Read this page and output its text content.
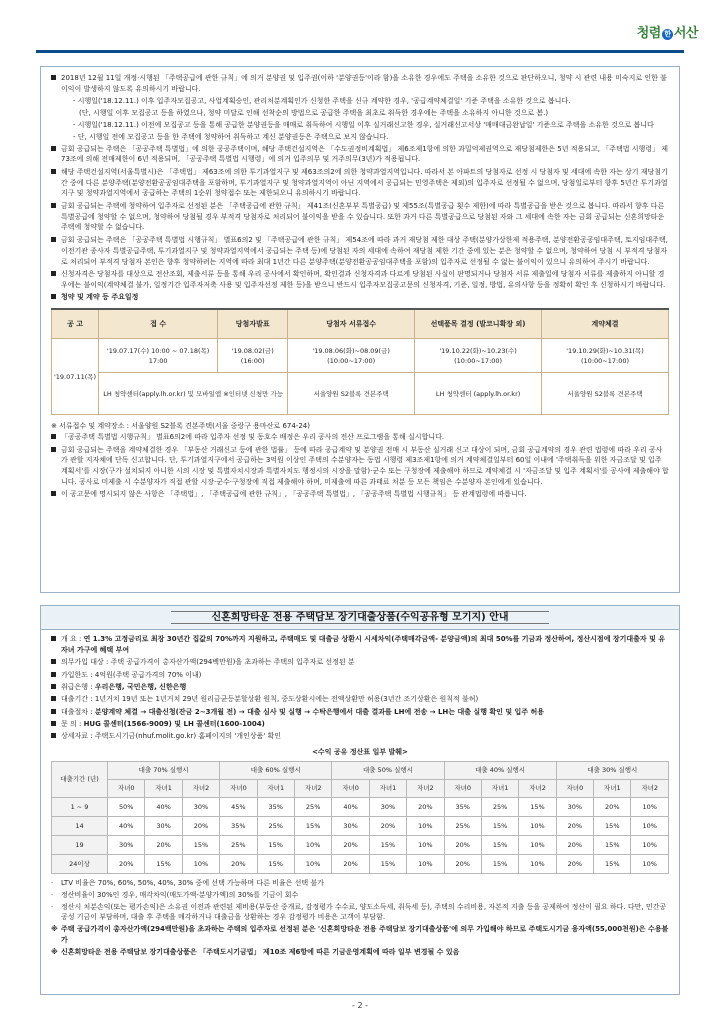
청렴 한 서산
2018년 12월 11일 개정·시행된 「주택공급에 관한 규칙」에 의거 분양권 및 입주권(이하 '분양권등'이라 함)을 소유한 경우에도 주택을 소유한 것으로 판단하오니, 청약 시 관련 내용 미숙지로 인한 불이익이 발생하지 않도록 유의하시기 바랍니다.
- 시행일('18.12.11.) 이후 입주자모집공고, 사업계획승인, 관리처분계획인가 신청한 주택을 신규 계약한 경우, '공급계약체결일' 기준 주택을 소유한 것으로 봅니다.
(단, 시행일 이후 모집공고 등을 하였으나, 청약 미달로 인해 선착순의 방법으로 공급한 주택을 최초로 취득한 경우에는 주택을 소유하지 아니한 것으로 봄.)
- 시행일('18.12.11.) 이전에 모집공고 등을 통해 공급한 분양권등을 매매로 취득하여 시행일 이후 실거래신고한 경우, 실거래신고서상 '매매대금완납일' 기준으로 주택을 소유한 것으로 봅니다
- 단, 시행일 전에 모집공고 등을 한 주택에 청약하여 취득하고 계신 분양권등은 주택으로 보지 않습니다.
금회 공급되는 주택은 「공공주택 특별법」에 의한 공공주택이며, 해당 주택건설지역은 「수도권정비계획법」 제6조제1항에 의한 과밀억제권역으로 재당첨제한은 5년 적용되고, 「주택법 시행령」 제73조에 의해 전매제한이 6년 적용되며, 「공공주택 특별법 시행령」에 의거 입주의무 및 거주의무(3년)가 적용됩니다.
해당 주택건설지역(서울특별시)은 「주택법」 제63조에 의한 투기과열지구 및 제63조의2에 의한 청약과열지역입니다. 따라서 본 아파트의 당첨자로 선정 시 당첨자 및 세대에 속한 자는 상기 재당첨기간 중에 다른 분양주택(분양전환공공임대주택을 포함하며, 투기과열지구 및 청약과열지역이 아닌 지역에서 공급되는 민영주택은 제외)의 입주자로 선정될 수 없으며, 당첨일로부터 향후 5년간 투기과열지구 및 청약과열지역에서 공급하는 주택의 1순위 청약접수 또는 제한되오니 유의하시기 바랍니다.
금회 공급되는 주택에 청약하여 입주자로 선정된 분은 「주택공급에 관한 규칙」 제41조(신혼부부 특별공급) 및 제55조(특별공급 횟수 제한)에 따라 특별공급을 받은 것으로 봅니다. 따라서 향후 다른 특별공급에 청약할 수 없으며, 청약하여 당첨될 경우 부적격 당첨자로 처리되어 불이익을 받을 수 있습니다. 또한 과거 다른 특별공급으로 당첨된 자와 그 세대에 속한 자는 금회 공급되는 신혼희망타운주택에 청약할 수 없습니다.
금회 공급되는 주택은 「공공주택 특별법 시행규칙」 별표6의2 및 「주택공급에 관한 규칙」 제54조에 따라 과거 재당첨 제한 대상 주택(분양가상한제 적용주택, 분양전환공공임대주택, 토지임대주택, 이전기관 종사자 특별공급주택, 투기과열지구 및 청약과열지역에서 공급되는 주택 등)에 당첨된 자의 세대에 속하여 재당첨 제한 기간 중에 있는 분은 청약할 수 없으며, 청약하여 당첨 시 부적격 당첨자로 처리되어 부적격 당첨자 본인은 향후 청약하려는 지역에 따라 최대 1년간 다른 분양주택(분양전환공공임대주택을 포함)의 입주자로 선정될 수 없는 불이익이 있으니 유의하여 주시기 바랍니다.
신청자격은 당첨자를 대상으로 전산조회, 제출서류 등을 통해 우리 공사에서 확인하며, 확인결과 신청자격과 다르게 당첨된 사실이 판명되거나 당첨자 서류 제출일에 당첨자 서류를 제출하지 아니할 경우에는 불이익(계약체결 불가, 일정기간 입주자저축 사용 및 입주자선정 제한 등)을 받으니 반드시 입주자모집공고문의 신청자격, 기준, 일정, 방법, 유의사항 등을 정확히 확인 후 신청하시기 바랍니다.
청약 및 계약 등 주요일정
공 고	접 수	당첨자발표	당첨자 서류접수	선택품목 결정 (발코니확장 외)	계약체결
'19.07.11(목)	'19.07.17(수) 10:00 ~ 07.18(목) 17:00	'19.08.02(금) (16:00)	'19.08.06(화)~08.09(금) (10:00~17:00)	'19.10.22(화)~10.23(수) (10:00~17:00)	'19.10.29(화)~10.31(목) (10:00~17:00)
	LH 청약센터(apply.lh.or.kr) 및 모바일앱 ※인터넷 신청만 가능		서울양원 S2블록 견본주택	LH 청약센터 (apply.lh.or.kr)	서울양원 S2블록 견본주택
※ 서류접수 및 계약장소 : 서울양원 S2블록 견본주택(서울 중랑구 용마산로 674-24)
「공공주택 특별법 시행규칙」 별표6의2에 따라 입주자 선정 및 동호수 배정은 우리 공사의 전산 프로그램을 통해 실시합니다.
금회 공급되는 주택을 계약체결한 경우 「부동산 거래신고 등에 관한 법률」 등에 따라 공급계약 및 분양권 전매 시 부동산 실거래 신고 대상이 되며, 금회 공급계약의 경우 관련 법령에 따라 우리 공사가 관할 지자체에 단독 신고합니다. 단, 투기과열지구에서 공급하는 3억원 이상인 주택의 수분양자는 동법 시행령 제3조제1항에 의거 계약체결일부터 60일 이내에 '주택취득을 위한 자금조달 및 입주 계획서'를 시장(구가 설치되지 아니한 시의 시장 및 특별자치시장과 특별자치도 행정시의 시장을 말함)·군수 또는 구청장에 제출해야 하므로 계약체결 시 '자금조달 및 입주 계획서'를 공사에 제출해야 합니다. 공사로 미제출 시 수분양자가 직접 관할 시장·군수·구청장에 직접 제출해야 하며, 미제출에 따른 과태료 처분 등 모든 책임은 수분양자 본인에게 있습니다.
이 공고문에 명시되지 않은 사항은 「주택법」, 「주택공급에 관한 규칙」, 「공공주택 특별법」, 「공공주택 특별법 시행규칙」 등 관계법령에 따릅니다.
신혼희망타운 전용 주택담보 장기대출상품(수익공유형 모기지) 안내
개 요 : 연 1.3% 고정금리로 최장 30년간 집값의 70%까지 지원하고, 주택매도 및 대출금 상환시 시세차익(주택매각금액- 분양금액)의 최대 50%를 기금과 정산하여, 정산시점에 장기대출자 및 유자녀 가구에 혜택 부여
의무가입 대상 : 주택 공급가격이 총자산가액(294백만원)을 초과하는 주택의 입주자로 선정된 분
가입한도 : 4억원(주택 공급가격의 70% 이내)
취급은행 : 우리은행, 국민은행, 신한은행
대출기간 : 1년거치 19년 또는 1년거치 29년 원리금균등분할상환 원칙, 중도상환시에는 전액상환만 허용(3년간 조기상환은 원칙적 불허)
대출절차 : 분양계약 체결 → 대출신청(잔금 2~3개월 전) → 대출 심사 및 실행 → 수탁은행에서 대출 결과를 LH에 전송 → LH는 대출 실행 확인 및 입주 허용
문 의 : HUG 콜센터(1566-9009) 및 LH 콜센터(1600-1004)
상세자료 : 주택도시기금(nhuf.molit.go.kr) 홈페이지의 '개인상품' 확인
<수익 공유 정산표 일부 발췌>
대출기간 (년)	대출 70% 실행시			대출 60% 실행시			대출 50% 실행시			대출 40% 실행시			대출 30% 실행시		
	자녀0	자녀1	자녀2	자녀0	자녀1	자녀2	자녀0	자녀1	자녀2	자녀0	자녀1	자녀2	자녀0	자녀1	자녀2
1 ~ 9	50%	40%	30%	45%	35%	25%	40%	30%	20%	35%	25%	15%	30%	20%	10%
14	40%	30%	20%	35%	25%	15%	30%	20%	10%	25%	15%	10%	20%	15%	10%
19	30%	20%	15%	25%	15%	10%	20%	15%	10%	20%	15%	10%	20%	15%	10%
24이상	20%	15%	10%	20%	15%	10%	20%	15%	10%	20%	15%	10%	20%	15%	10%
· LTV 비율은 70%, 60%, 50%, 40%, 30% 중에 선택 가능하며 다른 비율은 선택 불가
· 정산비율이 30%인 경우, 매각차익(매도가액-분양가액)의 30%를 기금이 회수
· 정산시 처분손익(또는 평가손익)은 소유권 이전과 관련된 제비용(부동산 중개료, 감정평가 수수료, 양도소득세, 취득세 등), 주택의 수리비용, 자본적 지출 등을 공제하여 정산이 필요 하다. 다만, 민간공공성 기금이 부담하며, 대출 후 주택을 매각하거나 대출금을 상환하는 경우 감정평가 비용은 고객이 부담함.
※ 주택 공급가격이 총자산가액(294백만원)을 초과하는 주택의 입주자로 선정된 분은 '신혼희망타운 전용 주택담보 장기대출상품'에 의무 가입해야 하므로 주택도시기금 융자액(55,000천원)은 수용불가
※ 신혼희망타운 전용 주택담보 장기대출상품은 「주택도시기금법」 제10조 제6항에 따른 기금운영계획에 따라 일부 변경될 수 있음
- 2 -
